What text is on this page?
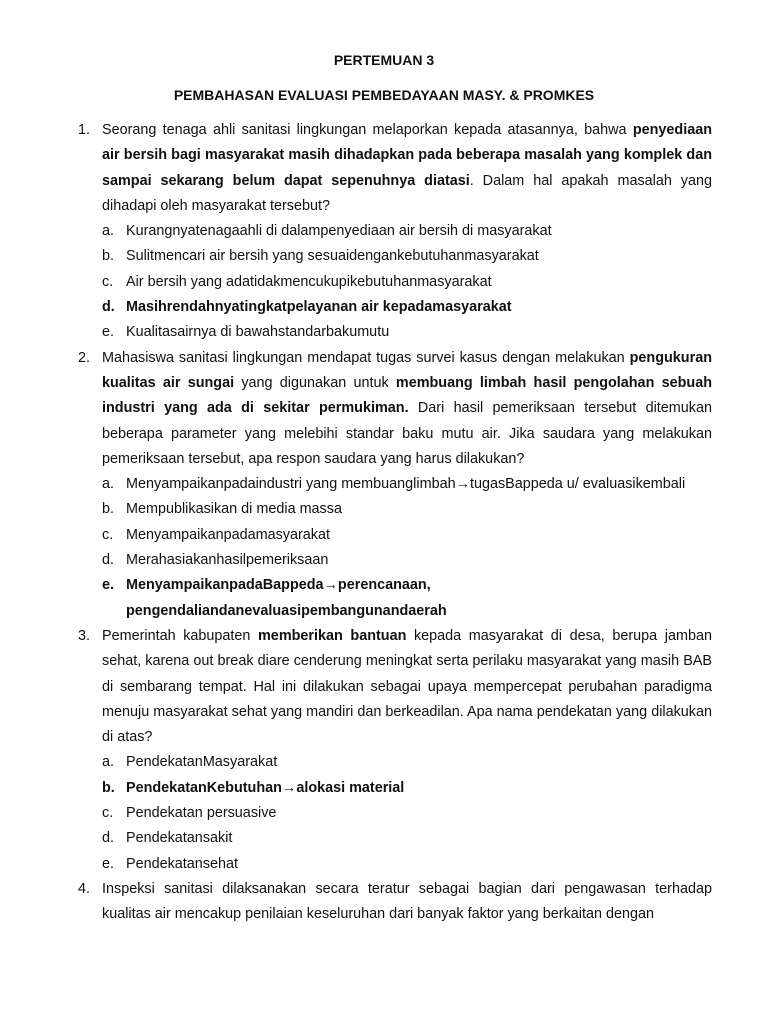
PERTEMUAN 3
PEMBAHASAN EVALUASI PEMBEDAYAAN MASY. & PROMKES
1. Seorang tenaga ahli sanitasi lingkungan melaporkan kepada atasannya, bahwa penyediaan air bersih bagi masyarakat masih dihadapkan pada beberapa masalah yang komplek dan sampai sekarang belum dapat sepenuhnya diatasi. Dalam hal apakah masalah yang dihadapi oleh masyarakat tersebut?
a. Kurangnyatenagaahli di dalampenyediaan air bersih di masyarakat
b. Sulitmencari air bersih yang sesuaidengankebutuhanmasyarakat
c. Air bersih yang adatidakmencukupikebutuhanmasyarakat
d. Masihrendahnyatingkatpelayanan air kepadamasyarakat
e. Kualitasairnya di bawahstandarbakumutu
2. Mahasiswa sanitasi lingkungan mendapat tugas survei kasus dengan melakukan pengukuran kualitas air sungai yang digunakan untuk membuang limbah hasil pengolahan sebuah industri yang ada di sekitar permukiman. Dari hasil pemeriksaan tersebut ditemukan beberapa parameter yang melebihi standar baku mutu air. Jika saudara yang melakukan pemeriksaan tersebut, apa respon saudara yang harus dilakukan?
a. Menyampaikanpadaindustri yang membuanglimbah→tugasBappeda u/ evaluasikembali
b. Mempublikasikan di media massa
c. Menyampaikanpadamasyarakat
d. Merahasiakanhasilpemeriksaan
e. MenyampaikanpadaBappeda→perencanaan, pengendaliandanevaluasipembangunandaerah
3. Pemerintah kabupaten memberikan bantuan kepada masyarakat di desa, berupa jamban sehat, karena out break diare cenderung meningkat serta perilaku masyarakat yang masih BAB di sembarang tempat. Hal ini dilakukan sebagai upaya mempercepat perubahan paradigma menuju masyarakat sehat yang mandiri dan berkeadilan. Apa nama pendekatan yang dilakukan di atas?
a. PendekatanMasyarakat
b. PendekatanKebutuhan→alokasi material
c. Pendekatan persuasive
d. Pendekatansakit
e. Pendekatansehat
4. Inspeksi sanitasi dilaksanakan secara teratur sebagai bagian dari pengawasan terhadap kualitas air mencakup penilaian keseluruhan dari banyak faktor yang berkaitan dengan
